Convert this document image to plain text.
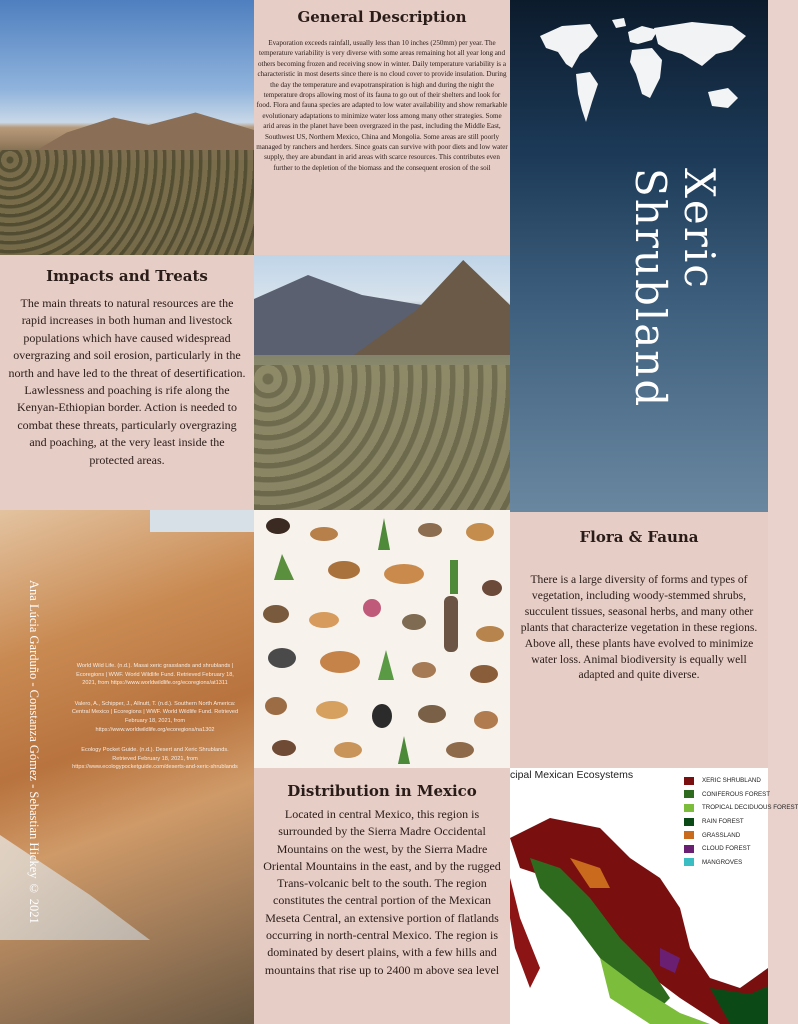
General Description

Evaporation exceeds rainfall, usually less than 10 inches (250mm) per year. The temperature variability is very diverse with some areas remaining hot all year long and others becoming frozen and receiving snow in winter. Daily temperature variability is a characteristic in most deserts since there is no cloud cover to provide insulation. During the day the temperature and evapotranspiration is high and during the night the temperature drops allowing most of its fauna to go out of their shelters and look for food. Flora and fauna species are adapted to low water availability and show remarkable evolutionary adaptations to minimize water loss among many other strategies. Some arid areas in the planet have been overgrazed in the past, including the Middle East, Southwest US, Northern Mexico, China and Mongolia. Some areas are still poorly managed by ranchers and herders. Since goats can survive with poor diets and low water supply, they are abundant in arid areas with scarce resources. This contributes even further to the depletion of the biomass and the consequent erosion of the soil

Xeric Shrubland
Impacts and Treats

The main threats to natural resources are the rapid increases in both human and livestock populations which have caused widespread overgrazing and soil erosion, particularly in the north and have led to the threat of desertification. Lawlessness and poaching is rife along the Kenyan-Ethiopian border. Action is needed to combat these threats, particularly overgrazing and poaching, at the very least inside the protected areas.

Ana Lúcia Garduño - Constanza Gómez - Sebastian Hickey © 2021	World Wild Life. (n.d.). Masai xeric grasslands and shrublands | Ecoregions | WWF. World Wildlife Fund. Retrieved February 18, 2021, from https://www.worldwildlife.org/ecoregions/at1311

Valero, A., Schipper, J., Allnutt, T. (n.d.). Southern North America: Central Mexico | Ecoregions | WWF. World Wildlife Fund. Retrieved February 18, 2021, from https://www.worldwildlife.org/ecoregions/na1302

Ecology Pocket Guide. (n.d.). Desert and Xeric Shrublands. Retrieved February 18, 2021, from https://www.ecologypocketguide.com/deserts-and-xeric-shrublands

Flora & Fauna

There is a large diversity of forms and types of vegetation, including woody-stemmed shrubs, succulent tissues, seasonal herbs, and many other plants that characterize vegetation in these regions. Above all, these plants have evolved to minimize water loss. Animal biodiversity is equally well adapted and quite diverse.

Distribution in Mexico

Located in central Mexico, this region is surrounded by the Sierra Madre Occidental Mountains on the west, by the Sierra Madre Oriental Mountains in the east, and by the rugged Trans-volcanic belt to the south. The region constitutes the central portion of the Mexican Meseta Central, an extensive portion of flatlands occurring in north-central Mexico. The region is dominated by desert plains, with a few hills and mountains that rise up to 2400 m above sea level

cipal Mexican Ecosystems	XERIC SHRUBLAND
CONIFEROUS FOREST
TROPICAL DECIDUOUS FOREST
RAIN FOREST
GRASSLAND
CLOUD FOREST
MANGROVES
